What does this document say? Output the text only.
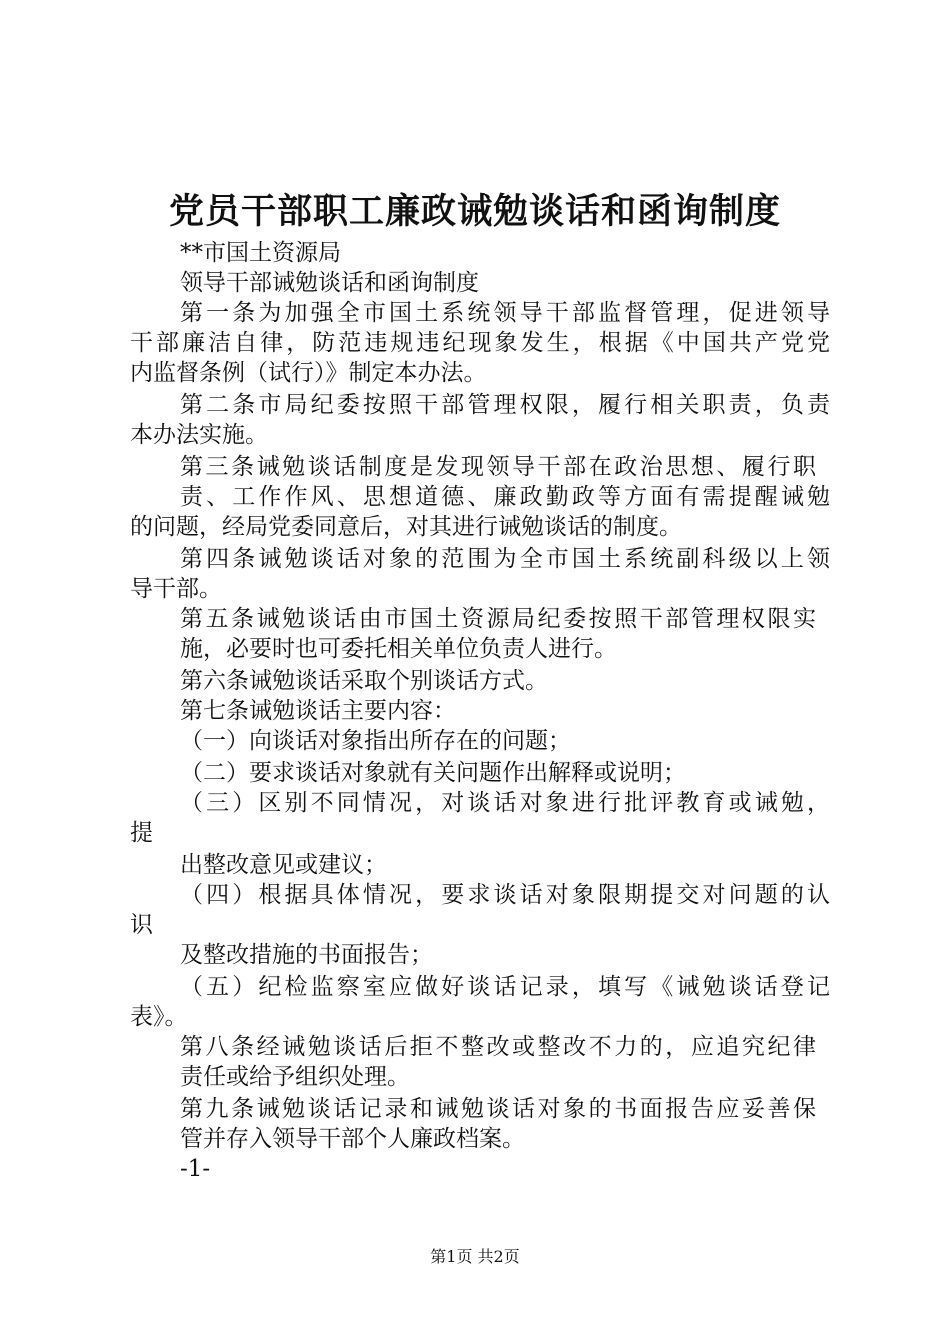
党员干部职工廉政诫勉谈话和函询制度
**市国土资源局
领导干部诫勉谈话和函询制度
第一条为加强全市国土系统领导干部监督管理，促进领导
干部廉洁自律，防范违规违纪现象发生，根据《中国共产党党
内监督条例（试行）》制定本办法。
第二条市局纪委按照干部管理权限，履行相关职责，负责
本办法实施。
第三条诫勉谈话制度是发现领导干部在政治思想、履行职
责、工作作风、思想道德、廉政勤政等方面有需提醒诫勉
的问题，经局党委同意后，对其进行诫勉谈话的制度。
第四条诫勉谈话对象的范围为全市国土系统副科级以上领
导干部。
第五条诫勉谈话由市国土资源局纪委按照干部管理权限实
施，必要时也可委托相关单位负责人进行。
第六条诫勉谈话采取个别谈话方式。
第七条诫勉谈话主要内容：
（一）向谈话对象指出所存在的问题；
（二）要求谈话对象就有关问题作出解释或说明；
（三）区别不同情况，对谈话对象进行批评教育或诫勉，
提
出整改意见或建议；
（四）根据具体情况，要求谈话对象限期提交对问题的认
识
及整改措施的书面报告；
（五）纪检监察室应做好谈话记录，填写《诫勉谈话登记
表》。
第八条经诫勉谈话后拒不整改或整改不力的，应追究纪律
责任或给予组织处理。
第九条诫勉谈话记录和诫勉谈话对象的书面报告应妥善保
管并存入领导干部个人廉政档案。
-1-
第1页 共2页
